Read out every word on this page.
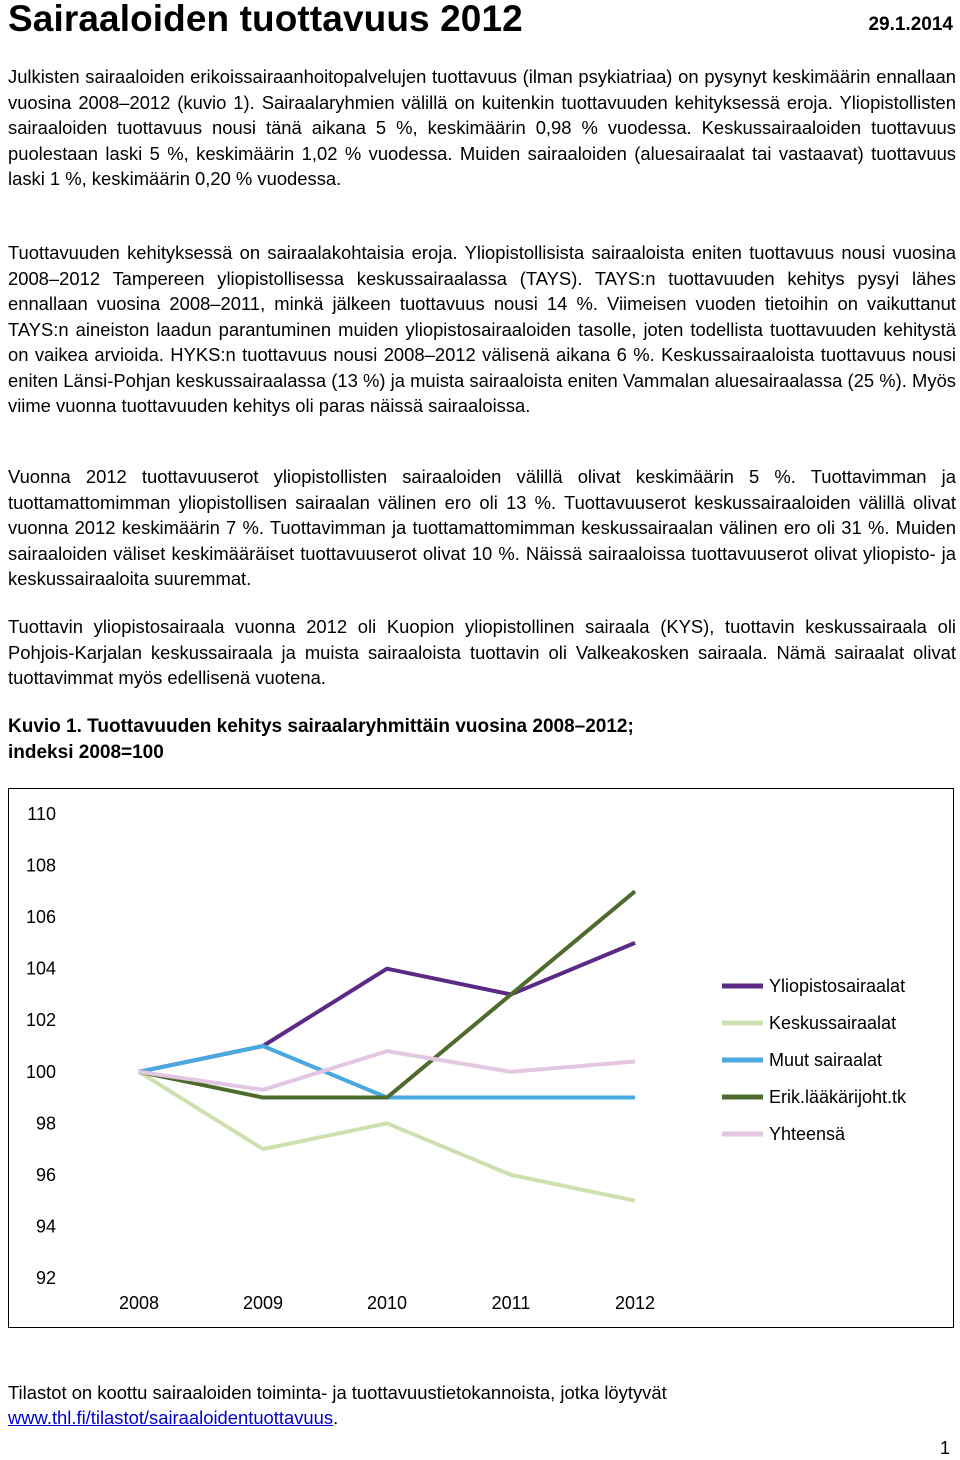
Sairaaloiden tuottavuus 2012	29.1.2014

Julkisten sairaaloiden erikoissairaanhoitopalvelujen tuottavuus (ilman psykiatriaa) on pysynyt keskimäärin ennallaan vuosina 2008–2012 (kuvio 1). Sairaalaryhmien välillä on kuitenkin tuottavuuden kehityksessä eroja. Yliopistollisten sairaaloiden tuottavuus nousi tänä aikana 5 %, keskimäärin 0,98 % vuodessa. Keskussairaaloiden tuottavuus puolestaan laski 5 %, keskimäärin 1,02 % vuodessa. Muiden sairaaloiden (aluesairaalat tai vastaavat) tuottavuus laski 1 %, keskimäärin 0,20 % vuodessa.

Tuottavuuden kehityksessä on sairaalakohtaisia eroja. Yliopistollisista sairaaloista eniten tuottavuus nousi vuosina 2008–2012 Tampereen yliopistollisessa keskussairaalassa (TAYS). TAYS:n tuottavuuden kehitys pysyi lähes ennallaan vuosina 2008–2011, minkä jälkeen tuottavuus nousi 14 %. Viimeisen vuoden tietoihin on vaikuttanut TAYS:n aineiston laadun parantuminen muiden yliopistosairaaloiden tasolle, joten todellista tuottavuuden kehitystä on vaikea arvioida. HYKS:n tuottavuus nousi 2008–2012 välisenä aikana 6 %. Keskussairaaloista tuottavuus nousi eniten Länsi-Pohjan keskussairaalassa (13 %) ja muista sairaaloista eniten Vammalan aluesairaalassa (25 %). Myös viime vuonna tuottavuuden kehitys oli paras näissä sairaaloissa.

Vuonna 2012 tuottavuuserot yliopistollisten sairaaloiden välillä olivat keskimäärin 5 %. Tuottavimman ja tuottamattomimman yliopistollisen sairaalan välinen ero oli 13 %. Tuottavuuserot keskussairaaloiden välillä olivat vuonna 2012 keskimäärin 7 %. Tuottavimman ja tuottamattomimman keskussairaalan välinen ero oli 31 %. Muiden sairaaloiden väliset keskimääräiset tuottavuuserot olivat 10 %. Näissä sairaaloissa tuottavuuserot olivat yliopisto- ja keskussairaaloita suuremmat.

Tuottavin yliopistosairaala vuonna 2012 oli Kuopion yliopistollinen sairaala (KYS), tuottavin keskussairaala oli Pohjois-Karjalan keskussairaala ja muista sairaaloista tuottavin oli Valkeakosken sairaala. Nämä sairaalat olivat tuottavimmat myös edellisenä vuotena.

Kuvio 1. Tuottavuuden kehitys sairaalaryhmittäin vuosina 2008–2012;
indeksi 2008=100
92
94
96
98
100
102
104
106
108
110
2008	2009	2010	2011	2012
Yliopistosairaalat
Keskussairaalat
Muut sairaalat
Erik.lääkärijoht.tk
Yhteensä

Tilastot on koottu sairaaloiden toiminta- ja tuottavuustietokannoista, jotka löytyvät
www.thl.fi/tilastot/sairaaloidentuottavuus.

1
